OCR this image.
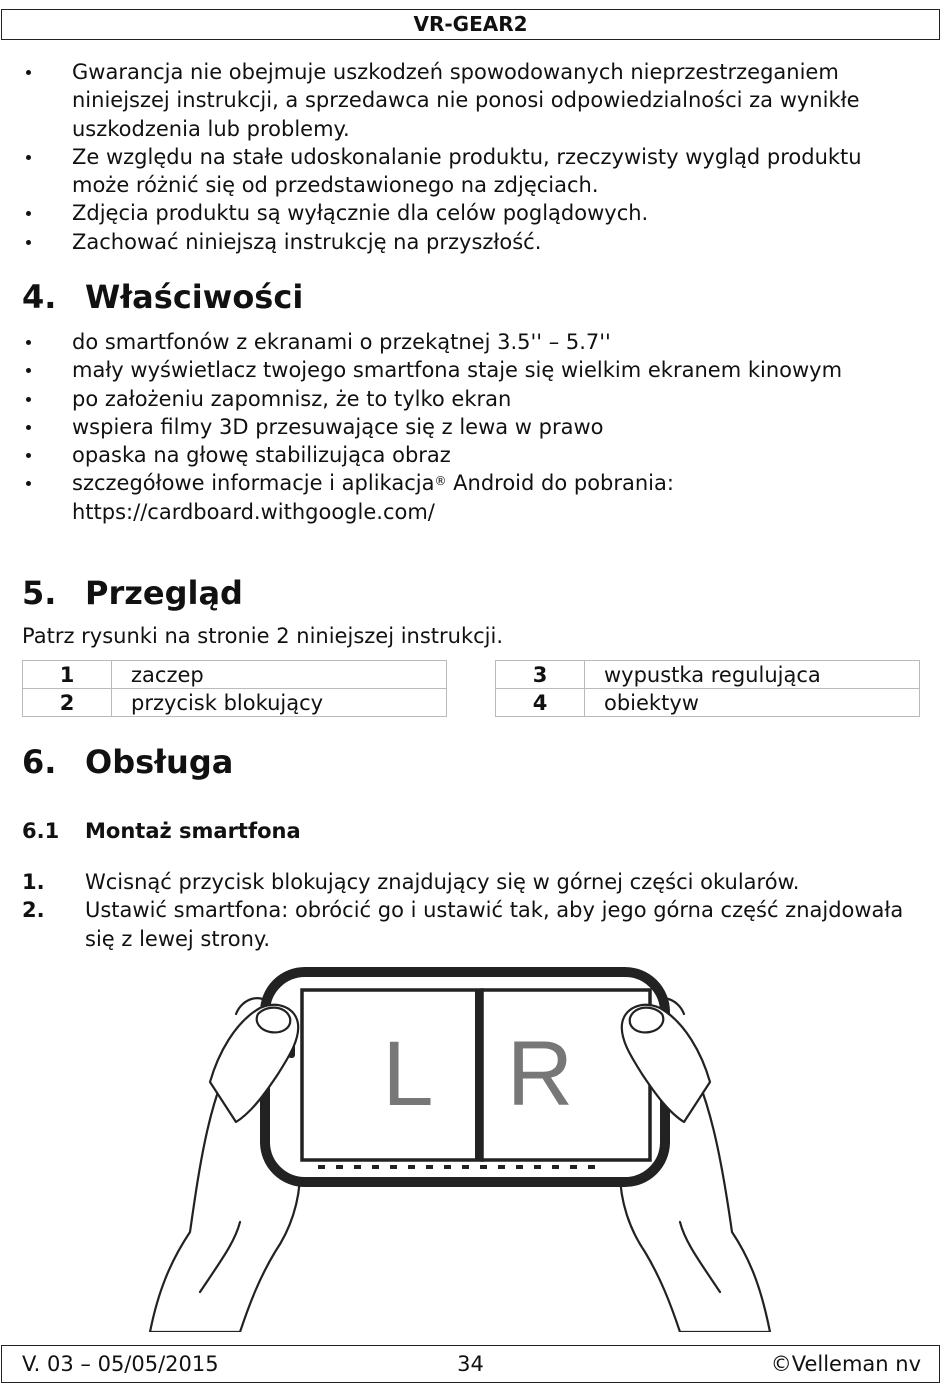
VR-GEAR2
Gwarancja nie obejmuje uszkodzeń spowodowanych nieprzestrzeganiem niniejszej instrukcji, a sprzedawca nie ponosi odpowiedzialności za wynikłe uszkodzenia lub problemy.
Ze względu na stałe udoskonalanie produktu, rzeczywisty wygląd produktu może różnić się od przedstawionego na zdjęciach.
Zdjęcia produktu są wyłącznie dla celów poglądowych.
Zachować niniejszą instrukcję na przyszłość.
4. Właściwości
do smartfonów z ekranami o przekątnej 3.5'' – 5.7''
mały wyświetlacz twojego smartfona staje się wielkim ekranem kinowym
po założeniu zapomnisz, że to tylko ekran
wspiera filmy 3D przesuwające się z lewa w prawo
opaska na głowę stabilizująca obraz
szczegółowe informacje i aplikacja® Android do pobrania: https://cardboard.withgoogle.com/
5. Przegląd
Patrz rysunki na stronie 2 niniejszej instrukcji.
1	zaczep
2	przycisk blokujący
3	wypustka regulująca
4	obiektyw
6. Obsługa
6.1 Montaż smartfona
1. Wcisnąć przycisk blokujący znajdujący się w górnej części okularów.
2. Ustawić smartfona: obrócić go i ustawić tak, aby jego górna część znajdowała się z lewej strony.
L R
V. 03 – 05/05/2015	34	©Velleman nv
